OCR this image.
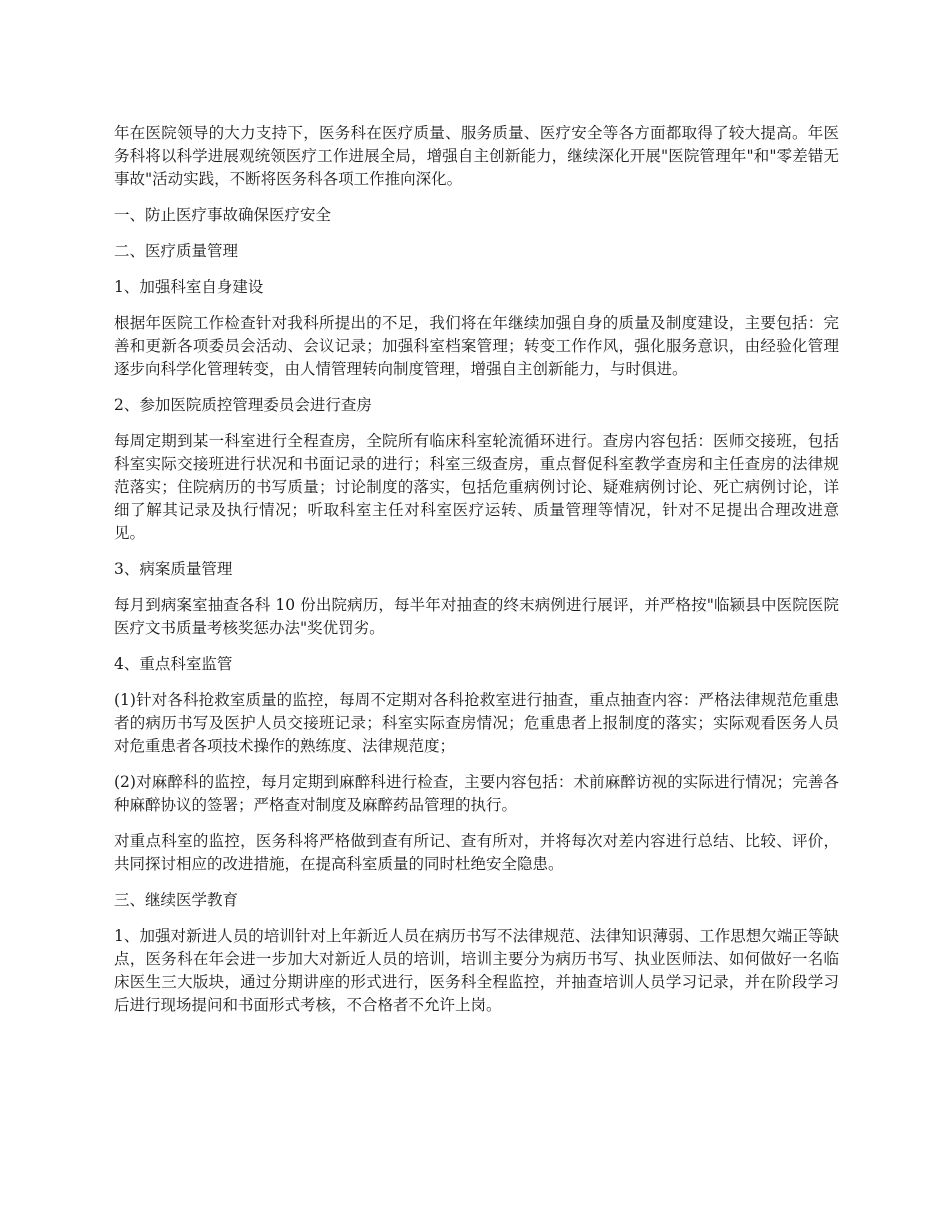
年在医院领导的大力支持下，医务科在医疗质量、服务质量、医疗安全等各方面都取得了较大提高。年医务科将以科学进展观统领医疗工作进展全局，增强自主创新能力，继续深化开展"医院管理年"和"零差错无事故"活动实践，不断将医务科各项工作推向深化。

一、防止医疗事故确保医疗安全

二、医疗质量管理

1、加强科室自身建设

根据年医院工作检查针对我科所提出的不足，我们将在年继续加强自身的质量及制度建设，主要包括：完善和更新各项委员会活动、会议记录；加强科室档案管理；转变工作作风，强化服务意识，由经验化管理逐步向科学化管理转变，由人情管理转向制度管理，增强自主创新能力，与时俱进。

2、参加医院质控管理委员会进行查房

每周定期到某一科室进行全程查房，全院所有临床科室轮流循环进行。查房内容包括：医师交接班，包括科室实际交接班进行状况和书面记录的进行；科室三级查房，重点督促科室教学查房和主任查房的法律规范落实；住院病历的书写质量；讨论制度的落实，包括危重病例讨论、疑难病例讨论、死亡病例讨论，详细了解其记录及执行情况；听取科室主任对科室医疗运转、质量管理等情况，针对不足提出合理改进意见。

3、病案质量管理

每月到病案室抽查各科 10 份出院病历，每半年对抽查的终末病例进行展评，并严格按"临颍县中医院医院医疗文书质量考核奖惩办法"奖优罚劣。

4、重点科室监管

(1)针对各科抢救室质量的监控，每周不定期对各科抢救室进行抽查，重点抽查内容：严格法律规范危重患者的病历书写及医护人员交接班记录；科室实际查房情况；危重患者上报制度的落实；实际观看医务人员对危重患者各项技术操作的熟练度、法律规范度；

(2)对麻醉科的监控，每月定期到麻醉科进行检查，主要内容包括：术前麻醉访视的实际进行情况；完善各种麻醉协议的签署；严格查对制度及麻醉药品管理的执行。

对重点科室的监控，医务科将严格做到查有所记、查有所对，并将每次对差内容进行总结、比较、评价，共同探讨相应的改进措施，在提高科室质量的同时杜绝安全隐患。

三、继续医学教育

1、加强对新进人员的培训针对上年新近人员在病历书写不法律规范、法律知识薄弱、工作思想欠端正等缺点，医务科在年会进一步加大对新近人员的培训，培训主要分为病历书写、执业医师法、如何做好一名临床医生三大版块，通过分期讲座的形式进行，医务科全程监控，并抽查培训人员学习记录，并在阶段学习后进行现场提问和书面形式考核，不合格者不允许上岗。
